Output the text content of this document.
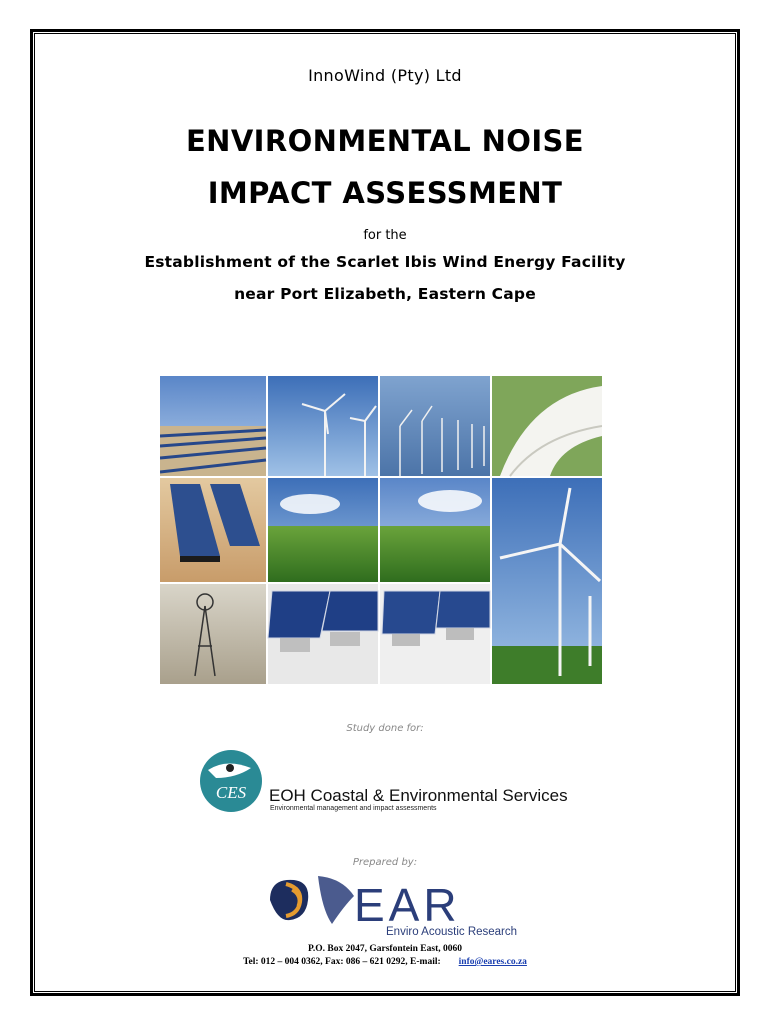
InnoWind (Pty) Ltd
ENVIRONMENTAL NOISE
IMPACT ASSESSMENT
for the
Establishment of the Scarlet Ibis Wind Energy Facility
near Port Elizabeth, Eastern Cape
Study done for:
CES EOH Coastal & Environmental Services
Environmental management and impact assessments
Prepared by:
EAR
Enviro Acoustic Research
P.O. Box 2047, Garsfontein East, 0060
Tel: 012 – 004 0362, Fax: 086 – 621 0292, E-mail: info@eares.co.za
